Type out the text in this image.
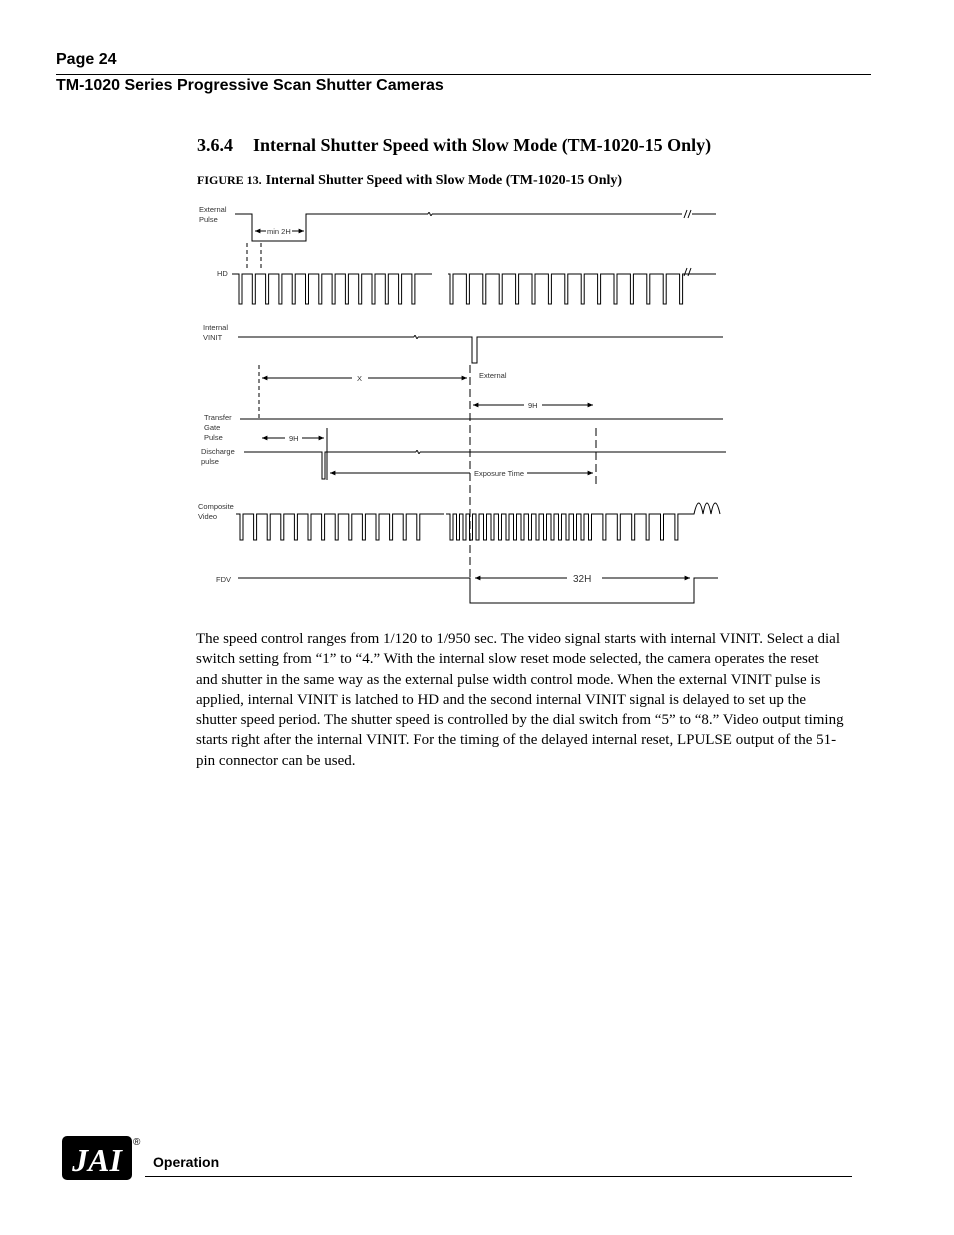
Page 24
TM-1020 Series Progressive Scan Shutter Cameras
3.6.4 Internal Shutter Speed with Slow Mode (TM-1020-15 Only)
FIGURE 13. Internal Shutter Speed with Slow Mode (TM-1020-15 Only)
External
Pulse
HD
Internal
VINIT
Transfer
Gate
Pulse
Discharge
pulse
Composite
Video
FDV
min 2H
X	External
9H
9H
Exposure Time
32H
The speed control ranges from 1/120 to 1/950 sec. The video signal starts with internal VINIT. Select a dial switch setting from “1” to “4.” With the internal slow reset mode selected, the camera operates the reset and shutter in the same way as the external pulse width control mode. When the external VINIT pulse is applied, internal VINIT is latched to HD and the second internal VINIT signal is delayed to set up the shutter speed period. The shutter speed is controlled by the dial switch from “5” to “8.” Video output timing starts right after the internal VINIT. For the timing of the delayed internal reset, LPULSE output of the 51-pin connector can be used.
JAI ®
Operation
